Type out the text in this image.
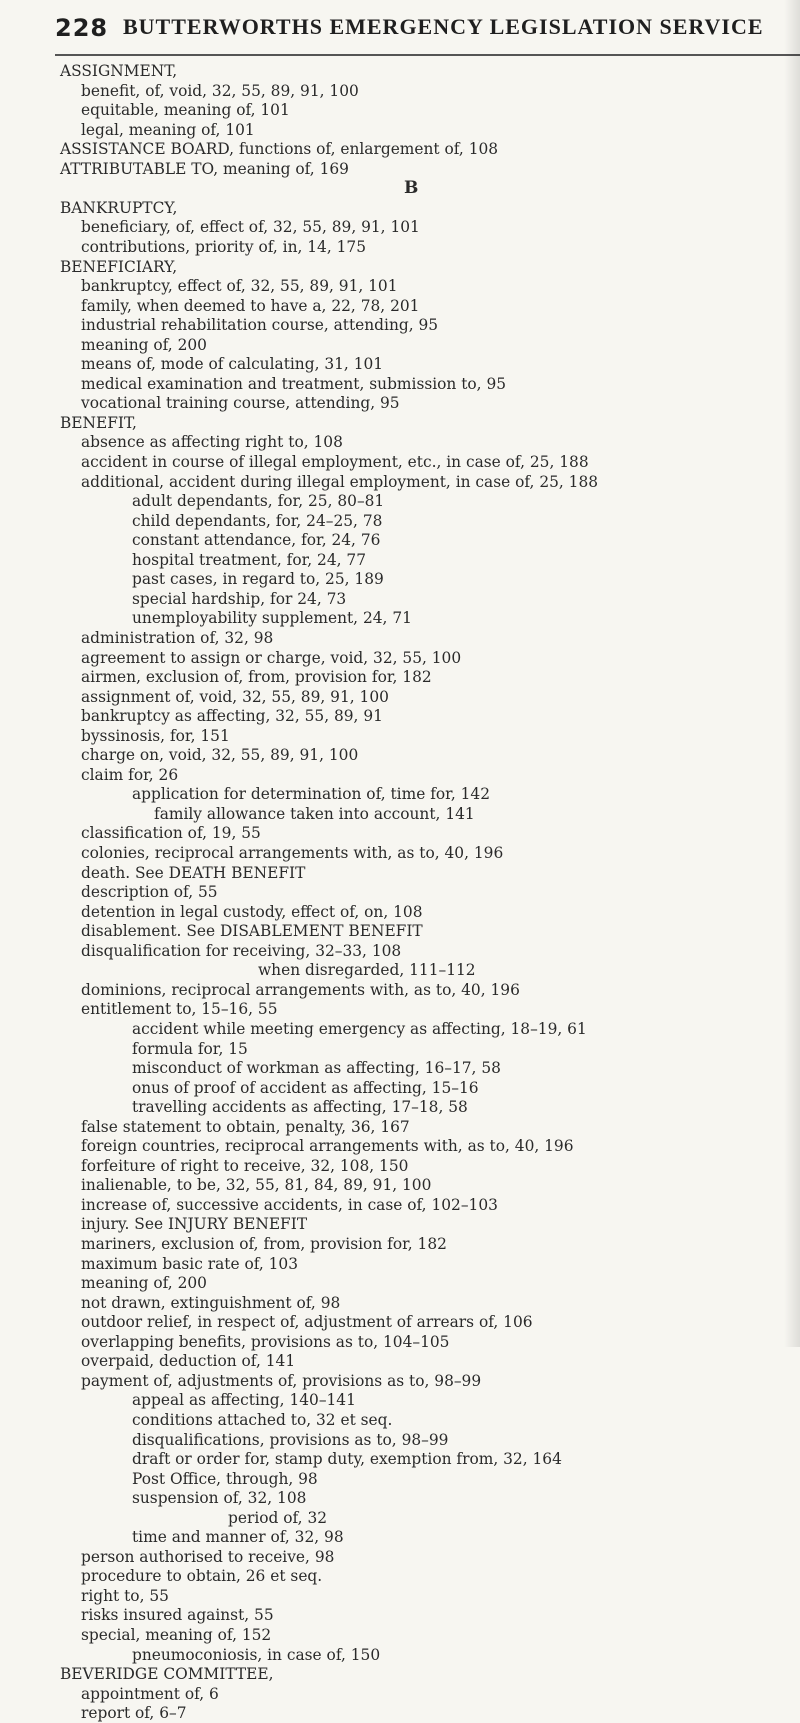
228 BUTTERWORTHS EMERGENCY LEGISLATION SERVICE
ASSIGNMENT,
benefit, of, void, 32, 55, 89, 91, 100
equitable, meaning of, 101
legal, meaning of, 101
ASSISTANCE BOARD, functions of, enlargement of, 108
ATTRIBUTABLE TO, meaning of, 169
B
BANKRUPTCY,
beneficiary, of, effect of, 32, 55, 89, 91, 101
contributions, priority of, in, 14, 175
BENEFICIARY,
bankruptcy, effect of, 32, 55, 89, 91, 101
family, when deemed to have a, 22, 78, 201
industrial rehabilitation course, attending, 95
meaning of, 200
means of, mode of calculating, 31, 101
medical examination and treatment, submission to, 95
vocational training course, attending, 95
BENEFIT,
absence as affecting right to, 108
accident in course of illegal employment, etc., in case of, 25, 188
additional, accident during illegal employment, in case of, 25, 188
adult dependants, for, 25, 80–81
child dependants, for, 24–25, 78
constant attendance, for, 24, 76
hospital treatment, for, 24, 77
past cases, in regard to, 25, 189
special hardship, for 24, 73
unemployability supplement, 24, 71
administration of, 32, 98
agreement to assign or charge, void, 32, 55, 100
airmen, exclusion of, from, provision for, 182
assignment of, void, 32, 55, 89, 91, 100
bankruptcy as affecting, 32, 55, 89, 91
byssinosis, for, 151
charge on, void, 32, 55, 89, 91, 100
claim for, 26
application for determination of, time for, 142
family allowance taken into account, 141
classification of, 19, 55
colonies, reciprocal arrangements with, as to, 40, 196
death. See DEATH BENEFIT
description of, 55
detention in legal custody, effect of, on, 108
disablement. See DISABLEMENT BENEFIT
disqualification for receiving, 32–33, 108
when disregarded, 111–112
dominions, reciprocal arrangements with, as to, 40, 196
entitlement to, 15–16, 55
accident while meeting emergency as affecting, 18–19, 61
formula for, 15
misconduct of workman as affecting, 16–17, 58
onus of proof of accident as affecting, 15–16
travelling accidents as affecting, 17–18, 58
false statement to obtain, penalty, 36, 167
foreign countries, reciprocal arrangements with, as to, 40, 196
forfeiture of right to receive, 32, 108, 150
inalienable, to be, 32, 55, 81, 84, 89, 91, 100
increase of, successive accidents, in case of, 102–103
injury. See INJURY BENEFIT
mariners, exclusion of, from, provision for, 182
maximum basic rate of, 103
meaning of, 200
not drawn, extinguishment of, 98
outdoor relief, in respect of, adjustment of arrears of, 106
overlapping benefits, provisions as to, 104–105
overpaid, deduction of, 141
payment of, adjustments of, provisions as to, 98–99
appeal as affecting, 140–141
conditions attached to, 32 et seq.
disqualifications, provisions as to, 98–99
draft or order for, stamp duty, exemption from, 32, 164
Post Office, through, 98
suspension of, 32, 108
period of, 32
time and manner of, 32, 98
person authorised to receive, 98
procedure to obtain, 26 et seq.
right to, 55
risks insured against, 55
special, meaning of, 152
pneumoconiosis, in case of, 150
BEVERIDGE COMMITTEE,
appointment of, 6
report of, 6–7
